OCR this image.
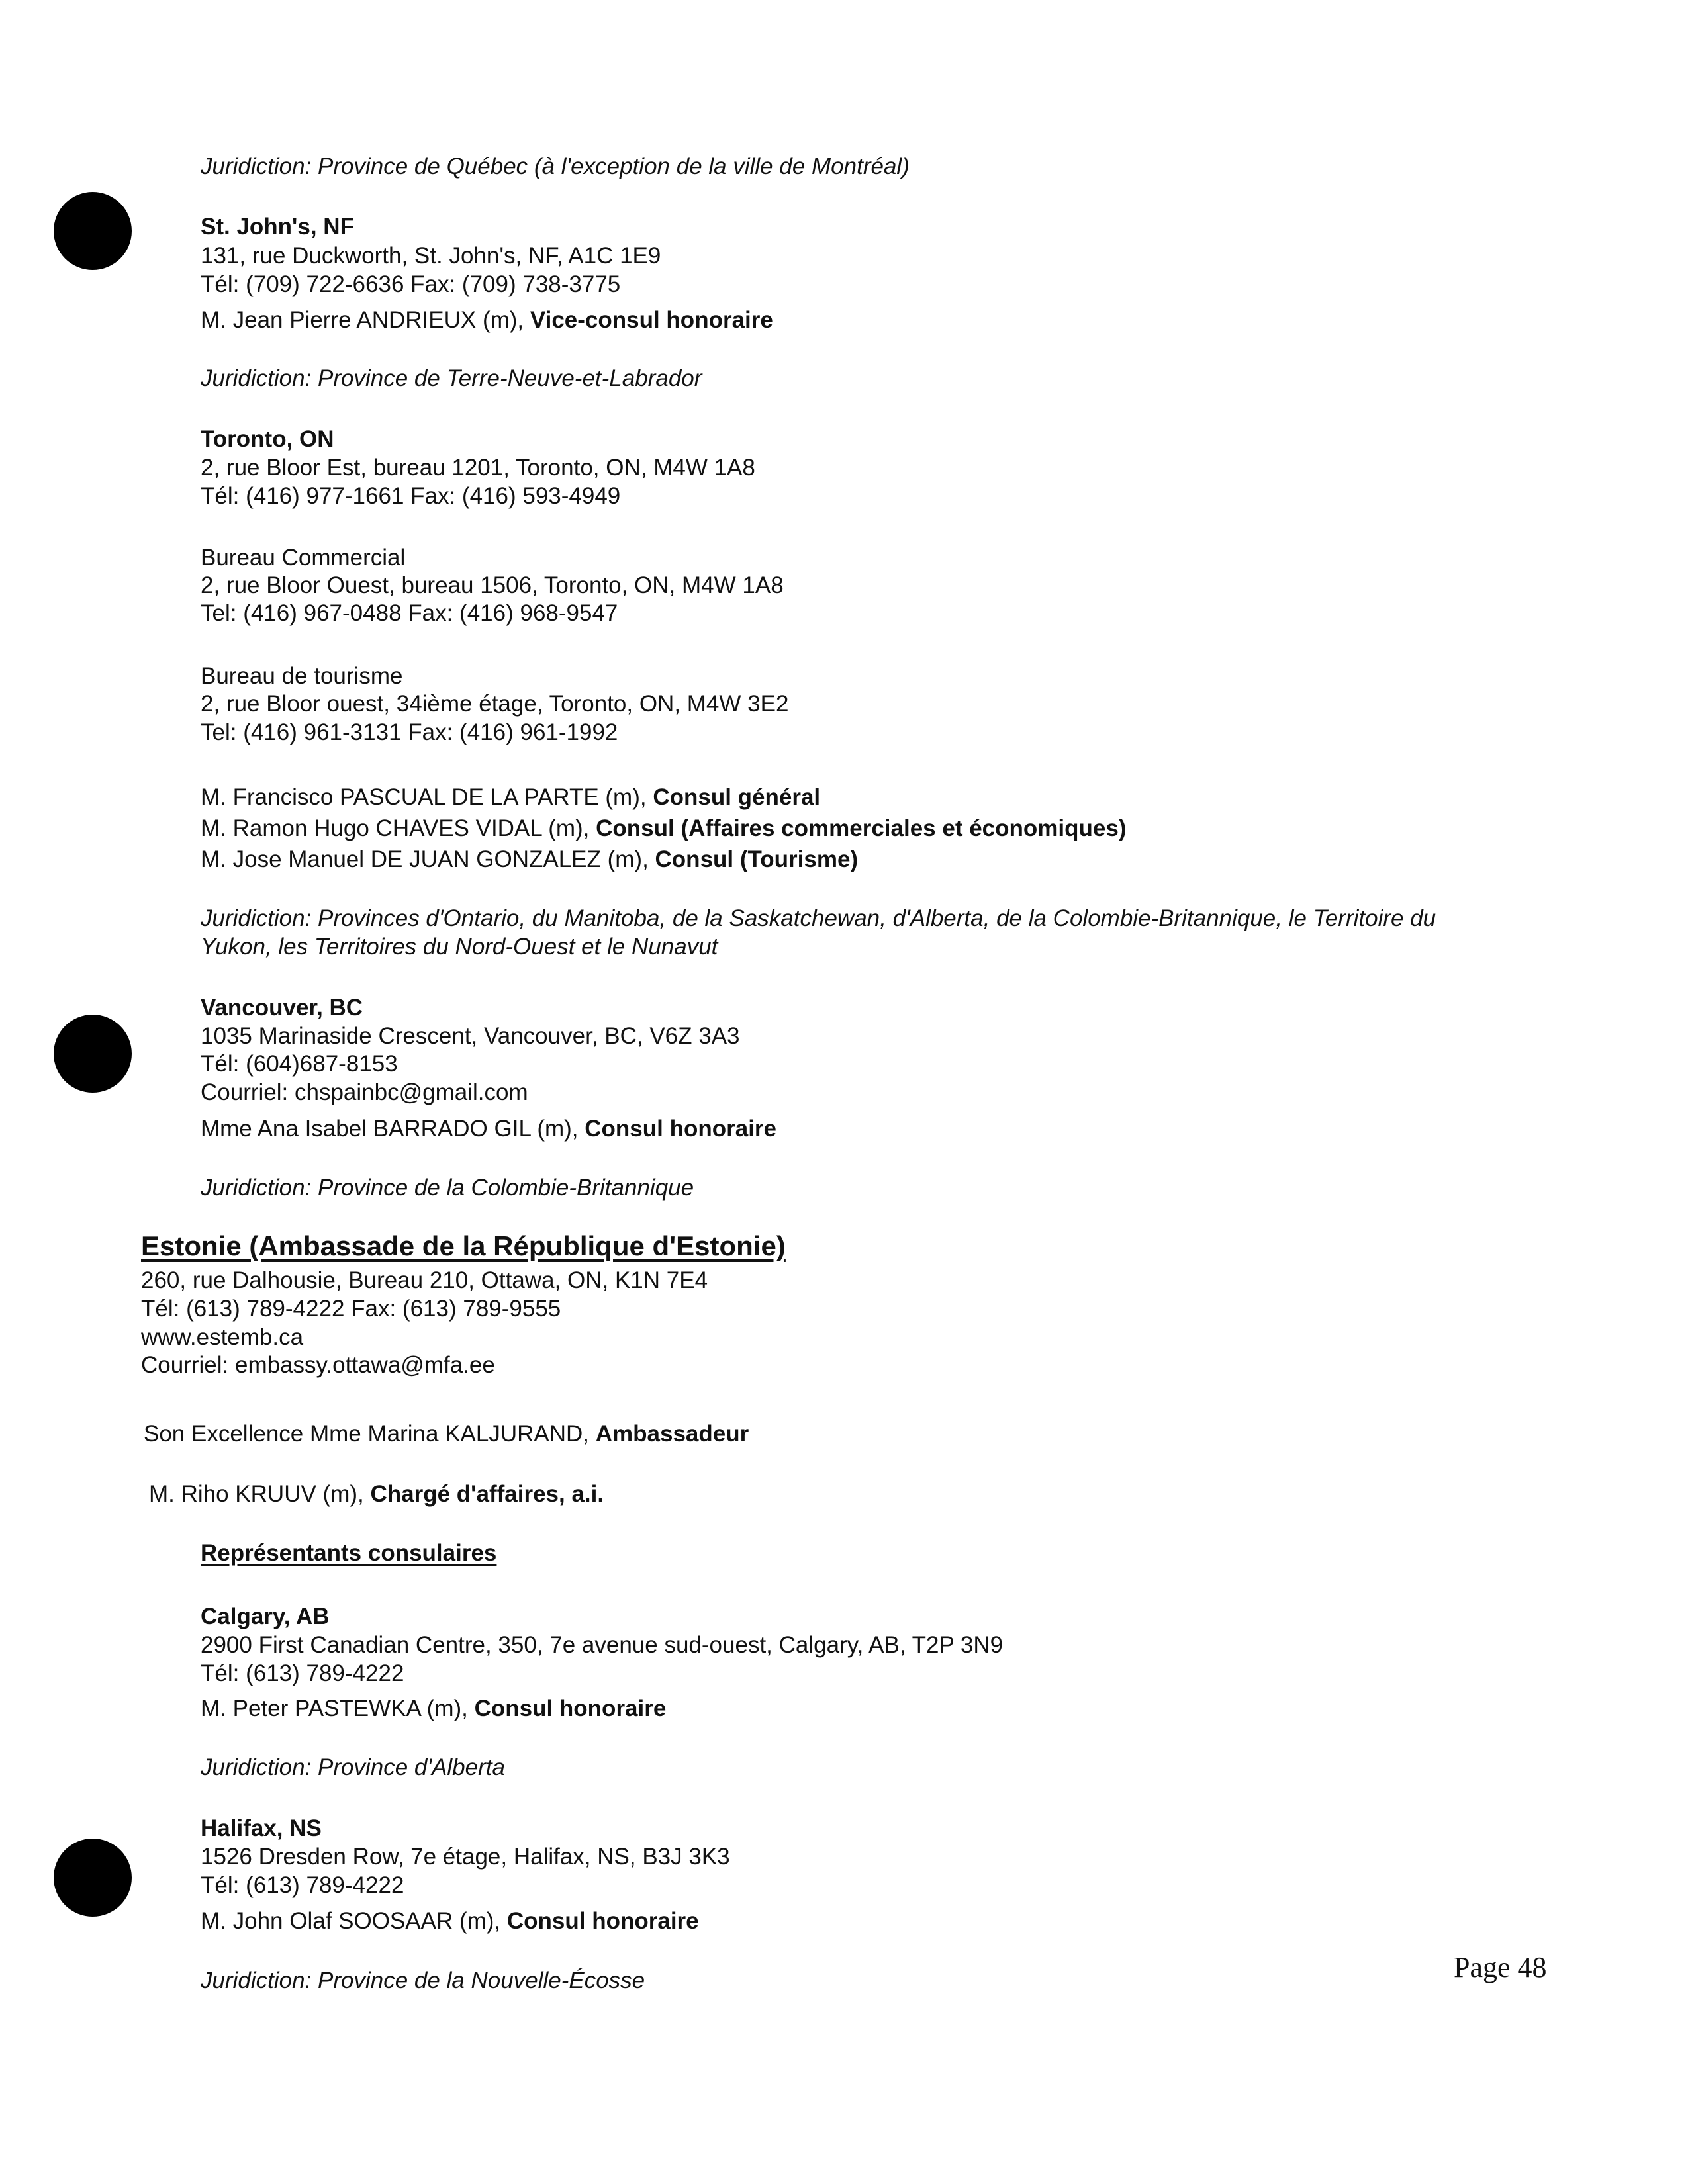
Juridiction: Province de Québec (à l'exception de la ville de Montréal)
St. John's, NF
131, rue Duckworth, St. John's, NF, A1C 1E9
Tél: (709) 722-6636 Fax: (709) 738-3775
M. Jean Pierre ANDRIEUX (m), Vice-consul honoraire
Juridiction: Province de Terre-Neuve-et-Labrador
Toronto, ON
2, rue Bloor Est, bureau 1201, Toronto, ON, M4W 1A8
Tél: (416) 977-1661 Fax: (416) 593-4949
Bureau Commercial
2, rue Bloor Ouest, bureau 1506, Toronto, ON, M4W 1A8
Tel: (416) 967-0488 Fax: (416) 968-9547
Bureau de tourisme
2, rue Bloor ouest, 34ième étage, Toronto, ON, M4W 3E2
Tel: (416) 961-3131 Fax: (416) 961-1992
M. Francisco PASCUAL DE LA PARTE (m), Consul général
M. Ramon Hugo CHAVES VIDAL (m), Consul (Affaires commerciales et économiques)
M. Jose Manuel DE JUAN GONZALEZ (m), Consul (Tourisme)
Juridiction: Provinces d'Ontario, du Manitoba, de la Saskatchewan, d'Alberta, de la Colombie-Britannique, le Territoire du
Yukon, les Territoires du Nord-Ouest et le Nunavut
Vancouver, BC
1035 Marinaside Crescent, Vancouver, BC, V6Z 3A3
Tél: (604)687-8153
Courriel: chspainbc@gmail.com
Mme Ana Isabel BARRADO GIL (m), Consul honoraire
Juridiction: Province de la Colombie-Britannique
Estonie (Ambassade de la République d'Estonie)
260, rue Dalhousie, Bureau 210, Ottawa, ON, K1N 7E4
Tél: (613) 789-4222 Fax: (613) 789-9555
www.estemb.ca
Courriel: embassy.ottawa@mfa.ee
Son Excellence Mme Marina KALJURAND, Ambassadeur
M. Riho KRUUV (m), Chargé d'affaires, a.i.
Représentants consulaires
Calgary, AB
2900 First Canadian Centre, 350, 7e avenue sud-ouest, Calgary, AB, T2P 3N9
Tél: (613) 789-4222
M. Peter PASTEWKA (m), Consul honoraire
Juridiction: Province d'Alberta
Halifax, NS
1526 Dresden Row, 7e étage, Halifax, NS, B3J 3K3
Tél: (613) 789-4222
M. John Olaf SOOSAAR (m), Consul honoraire
Juridiction: Province de la Nouvelle-Écosse	Page 48
